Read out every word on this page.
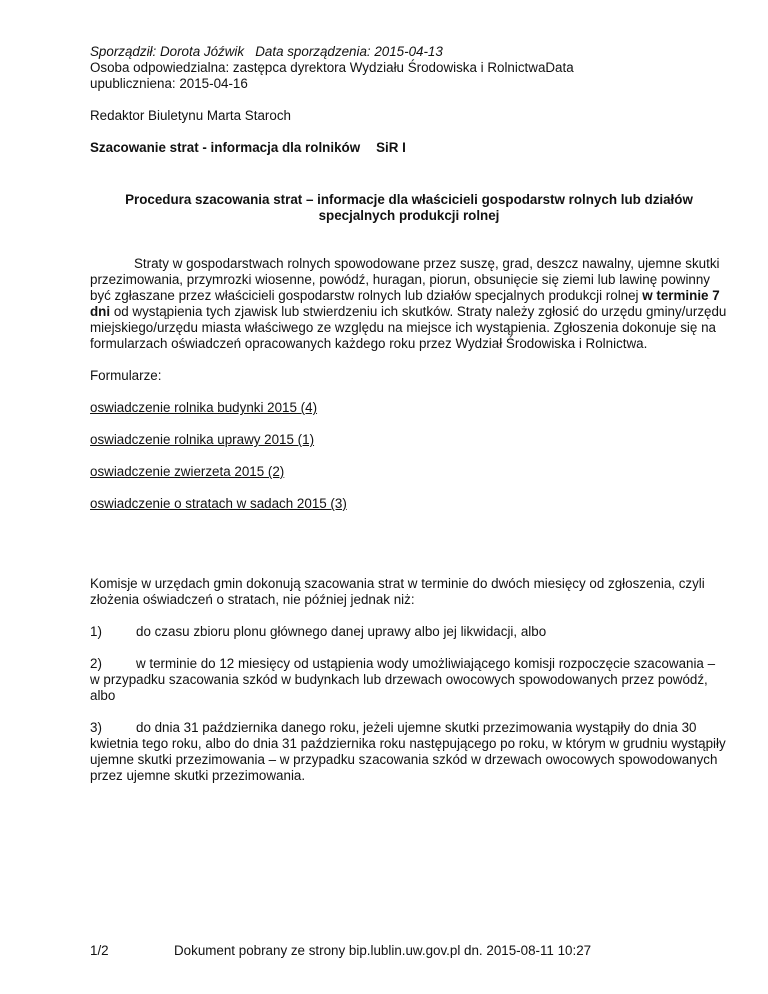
Sporządził: Dorota Jóźwik Data sporządzenia: 2015-04-13

Osoba odpowiedzialna: zastępca dyrektora Wydziału Środowiska i RolnictwaData

upubliczniena: 2015-04-16

Redaktor Biuletynu Marta Staroch

Szacowanie strat - informacja dla rolników SiR I

Procedura szacowania strat – informacje dla właścicieli gospodarstw rolnych lub działów specjalnych produkcji rolnej

Straty w gospodarstwach rolnych spowodowane przez suszę, grad, deszcz nawalny, ujemne skutki przezimowania, przymrozki wiosenne, powódź, huragan, piorun, obsunięcie się ziemi lub lawinę powinny być zgłaszane przez właścicieli gospodarstw rolnych lub działów specjalnych produkcji rolnej w terminie 7 dni od wystąpienia tych zjawisk lub stwierdzeniu ich skutków. Straty należy zgłosić do urzędu gminy/urzędu miejskiego/urzędu miasta właściwego ze względu na miejsce ich wystąpienia. Zgłoszenia dokonuje się na formularzach oświadczeń opracowanych każdego roku przez Wydział Środowiska i Rolnictwa.

Formularze:

oswiadczenie rolnika budynki 2015 (4)
oswiadczenie rolnika uprawy 2015 (1)
oswiadczenie zwierzeta 2015 (2)
oswiadczenie o stratach w sadach 2015 (3)

Komisje w urzędach gmin dokonują szacowania strat w terminie do dwóch miesięcy od zgłoszenia, czyli złożenia oświadczeń o stratach, nie później jednak niż:

1)	do czasu zbioru plonu głównego danej uprawy albo jej likwidacji, albo

2)	w terminie do 12 miesięcy od ustąpienia wody umożliwiającego komisji rozpoczęcie szacowania – w przypadku szacowania szkód w budynkach lub drzewach owocowych spowodowanych przez powódź, albo

3)	do dnia 31 października danego roku, jeżeli ujemne skutki przezimowania wystąpiły do dnia 30 kwietnia tego roku, albo do dnia 31 października roku następującego po roku, w którym w grudniu wystąpiły ujemne skutki przezimowania – w przypadku szacowania szkód w drzewach owocowych spowodowanych przez ujemne skutki przezimowania.

1/2	Dokument pobrany ze strony bip.lublin.uw.gov.pl dn. 2015-08-11 10:27
